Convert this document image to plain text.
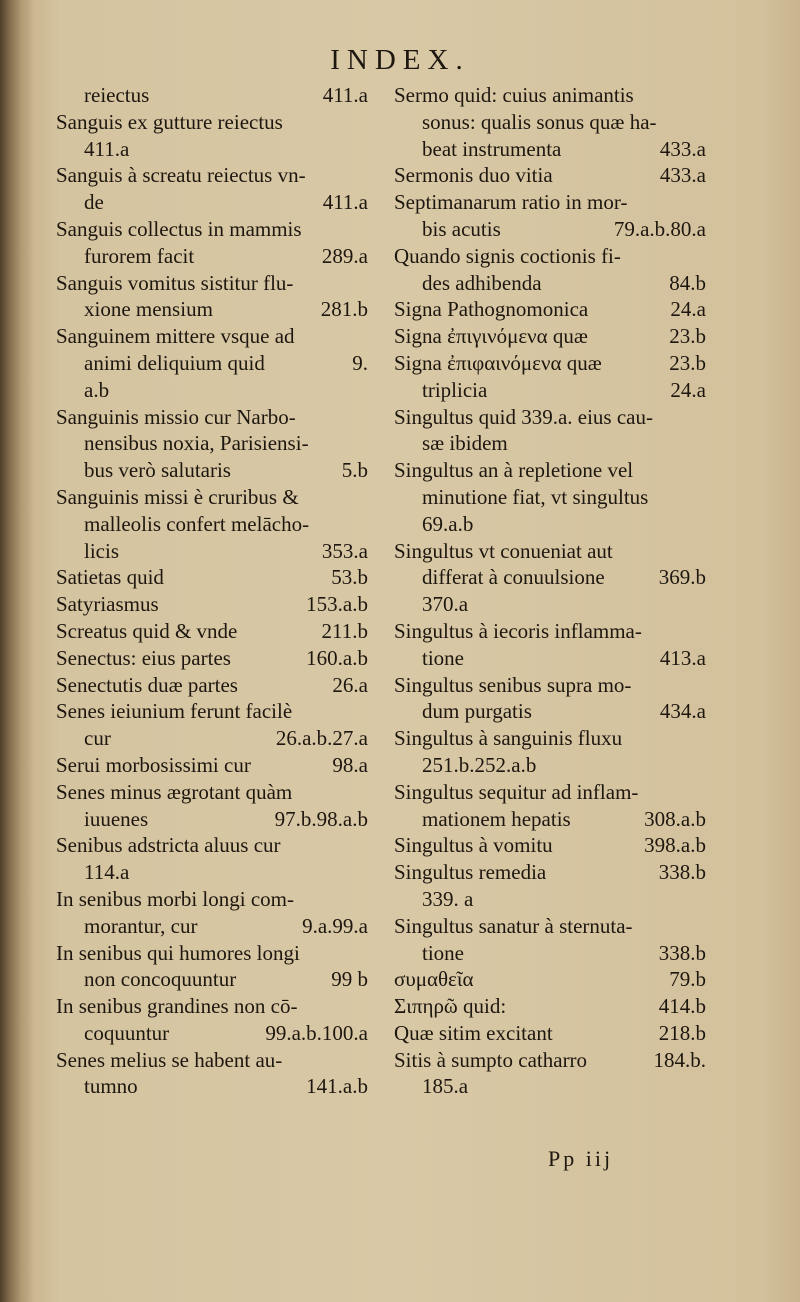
INDEX.
reiectus	411.a
Sanguis ex gutture reiectus
411.a
Sanguis à screatu reiectus vn-
de	411.a
Sanguis collectus in mammis
furorem facit	289.a
Sanguis vomitus sistitur flu-
xione mensium	281.b
Sanguinem mittere vsque ad
animi deliquium quid	9.
a.b
Sanguinis missio cur Narbo-
nensibus noxia, Parisiensi-
bus verò salutaris	5.b
Sanguinis missi è cruribus &
malleolis confert melācho-
licis	353.a
Satietas quid	53.b
Satyriasmus	153.a.b
Screatus quid & vnde	211.b
Senectus: eius partes	160.a.b
Senectutis duæ partes	26.a
Senes ieiunium ferunt facilè
cur	26.a.b.27.a
Serui morbosissimi cur	98.a
Senes minus ægrotant quàm
iuuenes	97.b.98.a.b
Senibus adstricta aluus cur
114.a
In senibus morbi longi com-
morantur, cur	9.a.99.a
In senibus qui humores longi
non concoquuntur	99 b
In senibus grandines non cō-
coquuntur	99.a.b.100.a
Senes melius se habent au-
tumno	141.a.b
Sermo quid: cuius animantis
sonus: qualis sonus quæ ha-
beat instrumenta	433.a
Sermonis duo vitia	433.a
Septimanarum ratio in mor-
bis acutis	79.a.b.80.a
Quando signis coctionis fi-
des adhibenda	84.b
Signa Pathognomonica	24.a
Signa ἐπιγινόμενα quæ	23.b
Signa ἐπιφαινόμενα quæ	23.b
triplicia	24.a
Singultus quid 339.a. eius cau-
sæ ibidem
Singultus an à repletione vel
minutione fiat, vt singultus
69.a.b
Singultus vt conueniat aut
differat à conuulsione	369.b
370.a
Singultus à iecoris inflamma-
tione	413.a
Singultus senibus supra mo-
dum purgatis	434.a
Singultus à sanguinis fluxu
251.b.252.a.b
Singultus sequitur ad inflam-
mationem hepatis	308.a.b
Singultus à vomitu	398.a.b
Singultus remedia	338.b
339. a
Singultus sanatur à sternuta-
tione	338.b
συμαθεῖα	79.b
Σιπηρῶ quid:	414.b
Quæ sitim excitant	218.b
Sitis à sumpto catharro	184.b.
185.a
Pp iij
